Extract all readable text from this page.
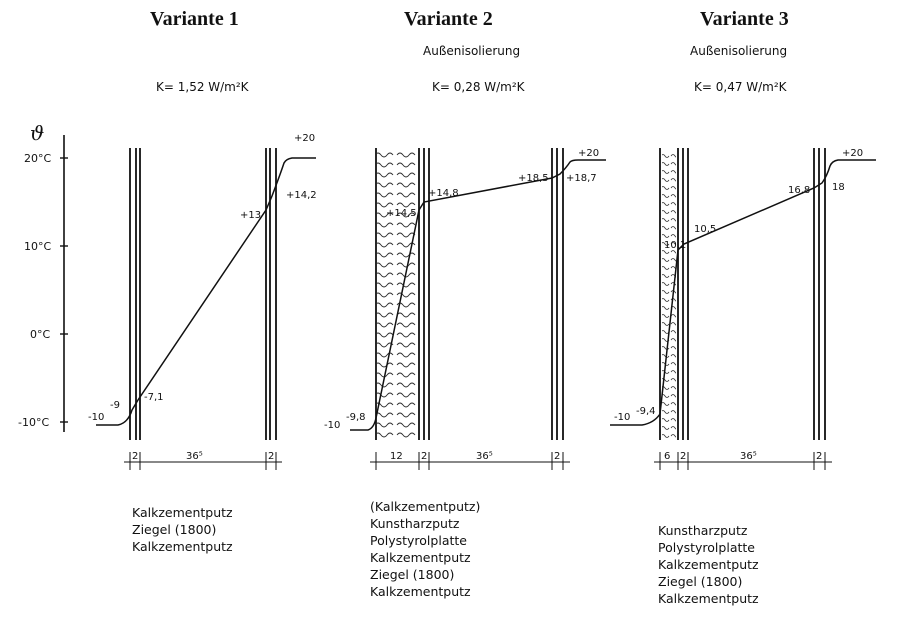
Variante 1	Variante 2	Variante 3
Außenisolierung	Außenisolierung
K= 1,52 W/m²K	K= 0,28 W/m²K	K= 0,47 W/m²K
ϑ
20°C
10°C
0°C
-10°C
2	36⁵	2
-10
-9
-7,1
+13
+14,2
+20
12 2	36⁵	2
-10
-9,8
+14,5
+14,8
+18,5 +18,7
+20
6 2	36⁵	2
-10
-9,4
10,1
10,5
16,8 18
+20
Kalkzementputz
Ziegel (1800)
Kalkzementputz
(Kalkzementputz)
Kunstharzputz
Polystyrolplatte
Kalkzementputz
Ziegel (1800)
Kalkzementputz
Kunstharzputz
Polystyrolplatte
Kalkzementputz
Ziegel (1800)
Kalkzementputz
